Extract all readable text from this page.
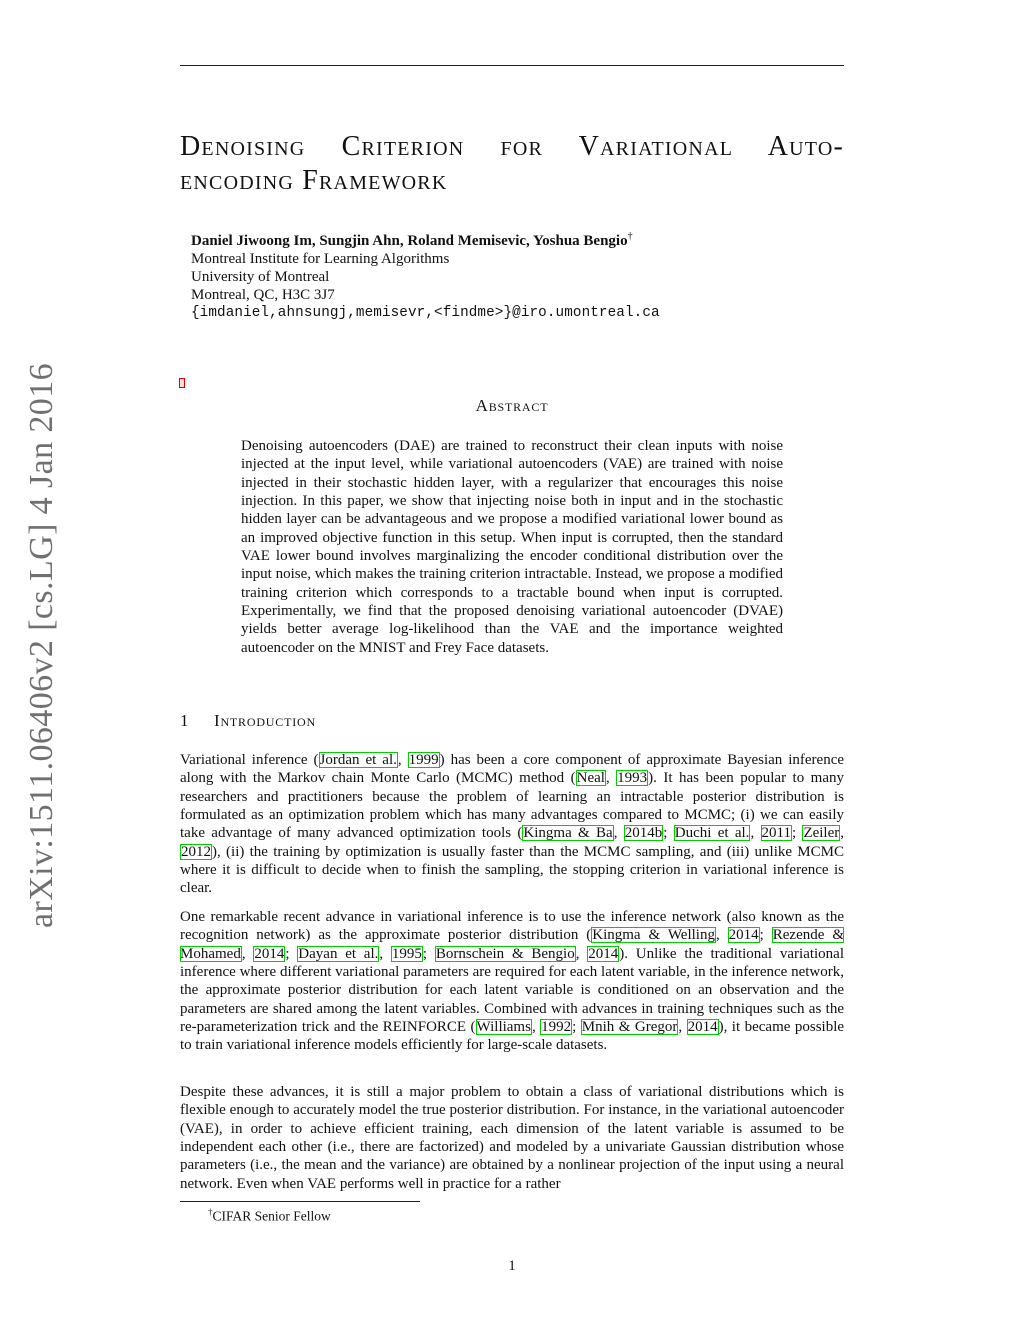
Denoising Criterion for Variational Auto-encoding Framework
Daniel Jiwoong Im, Sungjin Ahn, Roland Memisevic, Yoshua Bengio†
Montreal Institute for Learning Algorithms
University of Montreal
Montreal, QC, H3C 3J7
{imdaniel,ahnsungj,memisevr,<findme>}@iro.umontreal.ca
arXiv:1511.06406v2 [cs.LG] 4 Jan 2016	Abstract
Denoising autoencoders (DAE) are trained to reconstruct their clean inputs with noise injected at the input level, while variational autoencoders (VAE) are trained with noise injected in their stochastic hidden layer, with a regularizer that encourages this noise injection. In this paper, we show that injecting noise both in input and in the stochastic hidden layer can be advantageous and we propose a modified variational lower bound as an improved objective function in this setup. When input is corrupted, then the standard VAE lower bound involves marginalizing the encoder conditional distribution over the input noise, which makes the training criterion intractable. Instead, we propose a modified training criterion which corresponds to a tractable bound when input is corrupted. Experimentally, we find that the proposed denoising variational autoencoder (DVAE) yields better average log-likelihood than the VAE and the importance weighted autoencoder on the MNIST and Frey Face datasets.
1 Introduction

Variational inference (Jordan et al., 1999) has been a core component of approximate Bayesian inference along with the Markov chain Monte Carlo (MCMC) method (Neal, 1993). It has been popular to many researchers and practitioners because the problem of learning an intractable posterior distribution is formulated as an optimization problem which has many advantages compared to MCMC; (i) we can easily take advantage of many advanced optimization tools (Kingma & Ba, 2014b; Duchi et al., 2011; Zeiler, 2012), (ii) the training by optimization is usually faster than the MCMC sampling, and (iii) unlike MCMC where it is difficult to decide when to finish the sampling, the stopping criterion in variational inference is clear.

One remarkable recent advance in variational inference is to use the inference network (also known as the recognition network) as the approximate posterior distribution (Kingma & Welling, 2014; Rezende & Mohamed, 2014; Dayan et al., 1995; Bornschein & Bengio, 2014). Unlike the traditional variational inference where different variational parameters are required for each latent variable, in the inference network, the approximate posterior distribution for each latent variable is conditioned on an observation and the parameters are shared among the latent variables. Combined with advances in training techniques such as the re-parameterization trick and the REINFORCE (Williams, 1992; Mnih & Gregor, 2014), it became possible to train variational inference models efficiently for large-scale datasets.

Despite these advances, it is still a major problem to obtain a class of variational distributions which is flexible enough to accurately model the true posterior distribution. For instance, in the variational autoencoder (VAE), in order to achieve efficient training, each dimension of the latent variable is assumed to be independent each other (i.e., there are factorized) and modeled by a univariate Gaussian distribution whose parameters (i.e., the mean and the variance) are obtained by a nonlinear projection of the input using a neural network. Even when VAE performs well in practice for a rather
†CIFAR Senior Fellow
1
